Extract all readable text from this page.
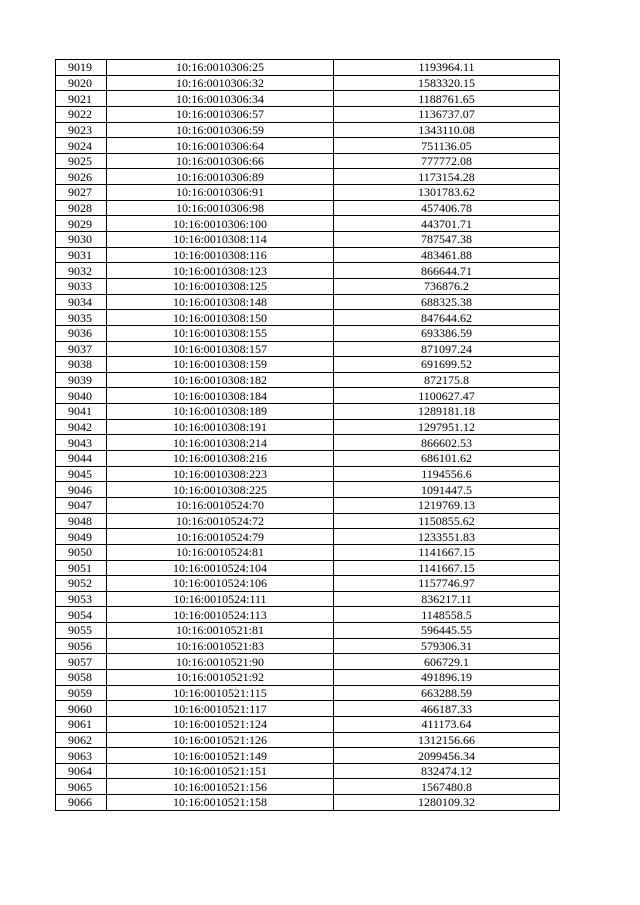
9019	10:16:0010306:25	1193964.11
9020	10:16:0010306:32	1583320.15
9021	10:16:0010306:34	1188761.65
9022	10:16:0010306:57	1136737.07
9023	10:16:0010306:59	1343110.08
9024	10:16:0010306:64	751136.05
9025	10:16:0010306:66	777772.08
9026	10:16:0010306:89	1173154.28
9027	10:16:0010306:91	1301783.62
9028	10:16:0010306:98	457406.78
9029	10:16:0010306:100	443701.71
9030	10:16:0010308:114	787547.38
9031	10:16:0010308:116	483461.88
9032	10:16:0010308:123	866644.71
9033	10:16:0010308:125	736876.2
9034	10:16:0010308:148	688325.38
9035	10:16:0010308:150	847644.62
9036	10:16:0010308:155	693386.59
9037	10:16:0010308:157	871097.24
9038	10:16:0010308:159	691699.52
9039	10:16:0010308:182	872175.8
9040	10:16:0010308:184	1100627.47
9041	10:16:0010308:189	1289181.18
9042	10:16:0010308:191	1297951.12
9043	10:16:0010308:214	866602.53
9044	10:16:0010308:216	686101.62
9045	10:16:0010308:223	1194556.6
9046	10:16:0010308:225	1091447.5
9047	10:16:0010524:70	1219769.13
9048	10:16:0010524:72	1150855.62
9049	10:16:0010524:79	1233551.83
9050	10:16:0010524:81	1141667.15
9051	10:16:0010524:104	1141667.15
9052	10:16:0010524:106	1157746.97
9053	10:16:0010524:111	836217.11
9054	10:16:0010524:113	1148558.5
9055	10:16:0010521:81	596445.55
9056	10:16:0010521:83	579306.31
9057	10:16:0010521:90	606729.1
9058	10:16:0010521:92	491896.19
9059	10:16:0010521:115	663288.59
9060	10:16:0010521:117	466187.33
9061	10:16:0010521:124	411173.64
9062	10:16:0010521:126	1312156.66
9063	10:16:0010521:149	2099456.34
9064	10:16:0010521:151	832474.12
9065	10:16:0010521:156	1567480.8
9066	10:16:0010521:158	1280109.32
